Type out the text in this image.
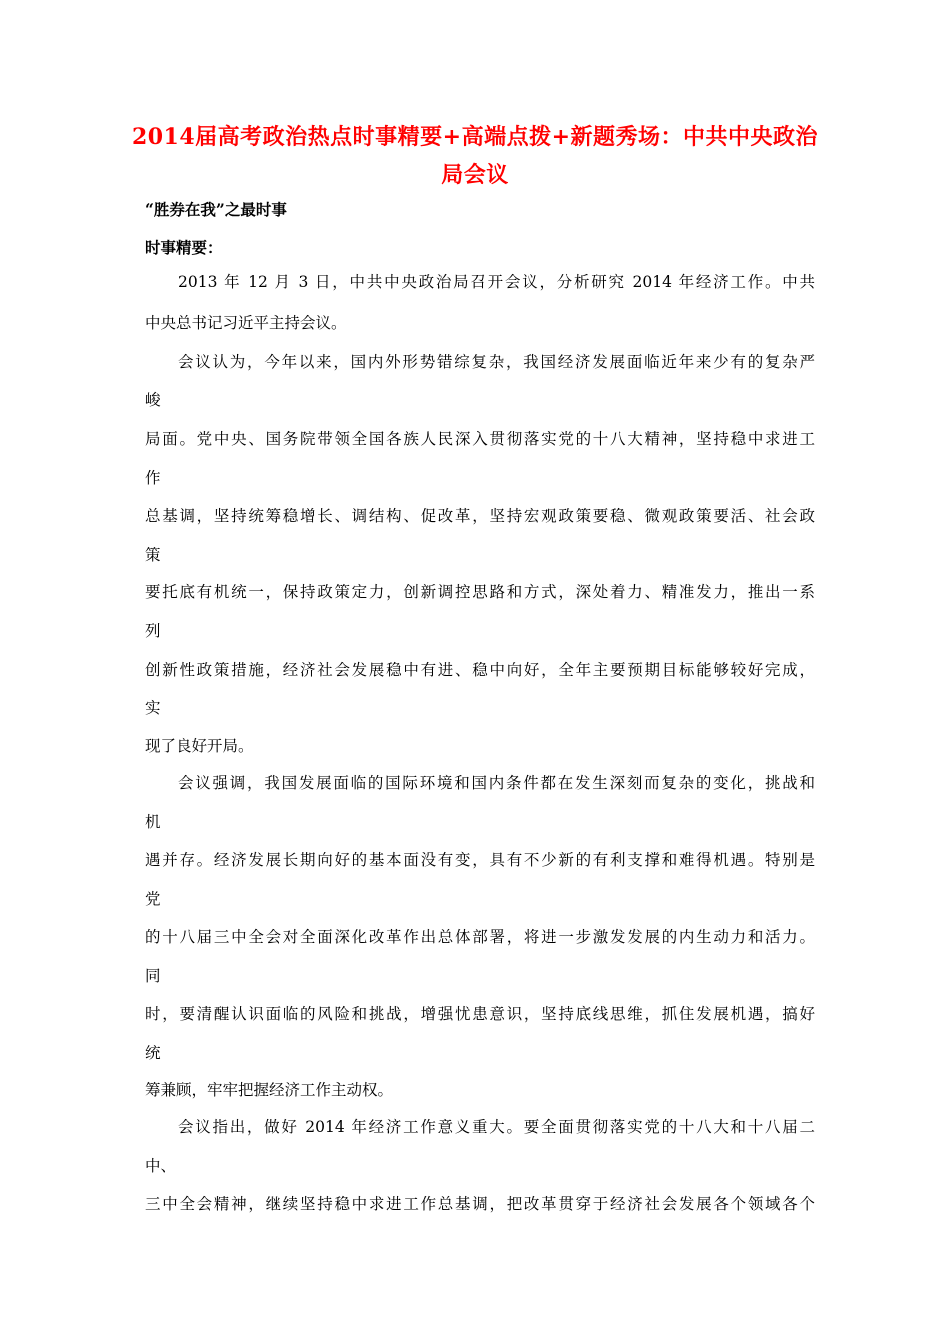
2014届高考政治热点时事精要+高端点拨+新题秀场：中共中央政治
局会议
“胜券在我”之最时事
时事精要：
2013 年 12 月 3 日，中共中央政治局召开会议，分析研究 2014 年经济工作。中共
中央总书记习近平主持会议。
会议认为，今年以来，国内外形势错综复杂，我国经济发展面临近年来少有的复杂严
峻
局面。党中央、国务院带领全国各族人民深入贯彻落实党的十八大精神，坚持稳中求进工
作
总基调，坚持统筹稳增长、调结构、促改革，坚持宏观政策要稳、微观政策要活、社会政
策
要托底有机统一，保持政策定力，创新调控思路和方式，深处着力、精准发力，推出一系
列
创新性政策措施，经济社会发展稳中有进、稳中向好，全年主要预期目标能够较好完成，
实
现了良好开局。
会议强调，我国发展面临的国际环境和国内条件都在发生深刻而复杂的变化，挑战和
机
遇并存。经济发展长期向好的基本面没有变，具有不少新的有利支撑和难得机遇。特别是
党
的十八届三中全会对全面深化改革作出总体部署，将进一步激发发展的内生动力和活力。
同
时，要清醒认识面临的风险和挑战，增强忧患意识，坚持底线思维，抓住发展机遇，搞好
统
筹兼顾，牢牢把握经济工作主动权。
会议指出，做好 2014 年经济工作意义重大。要全面贯彻落实党的十八大和十八届二
中、
三中全会精神，继续坚持稳中求进工作总基调，把改革贯穿于经济社会发展各个领域各个
